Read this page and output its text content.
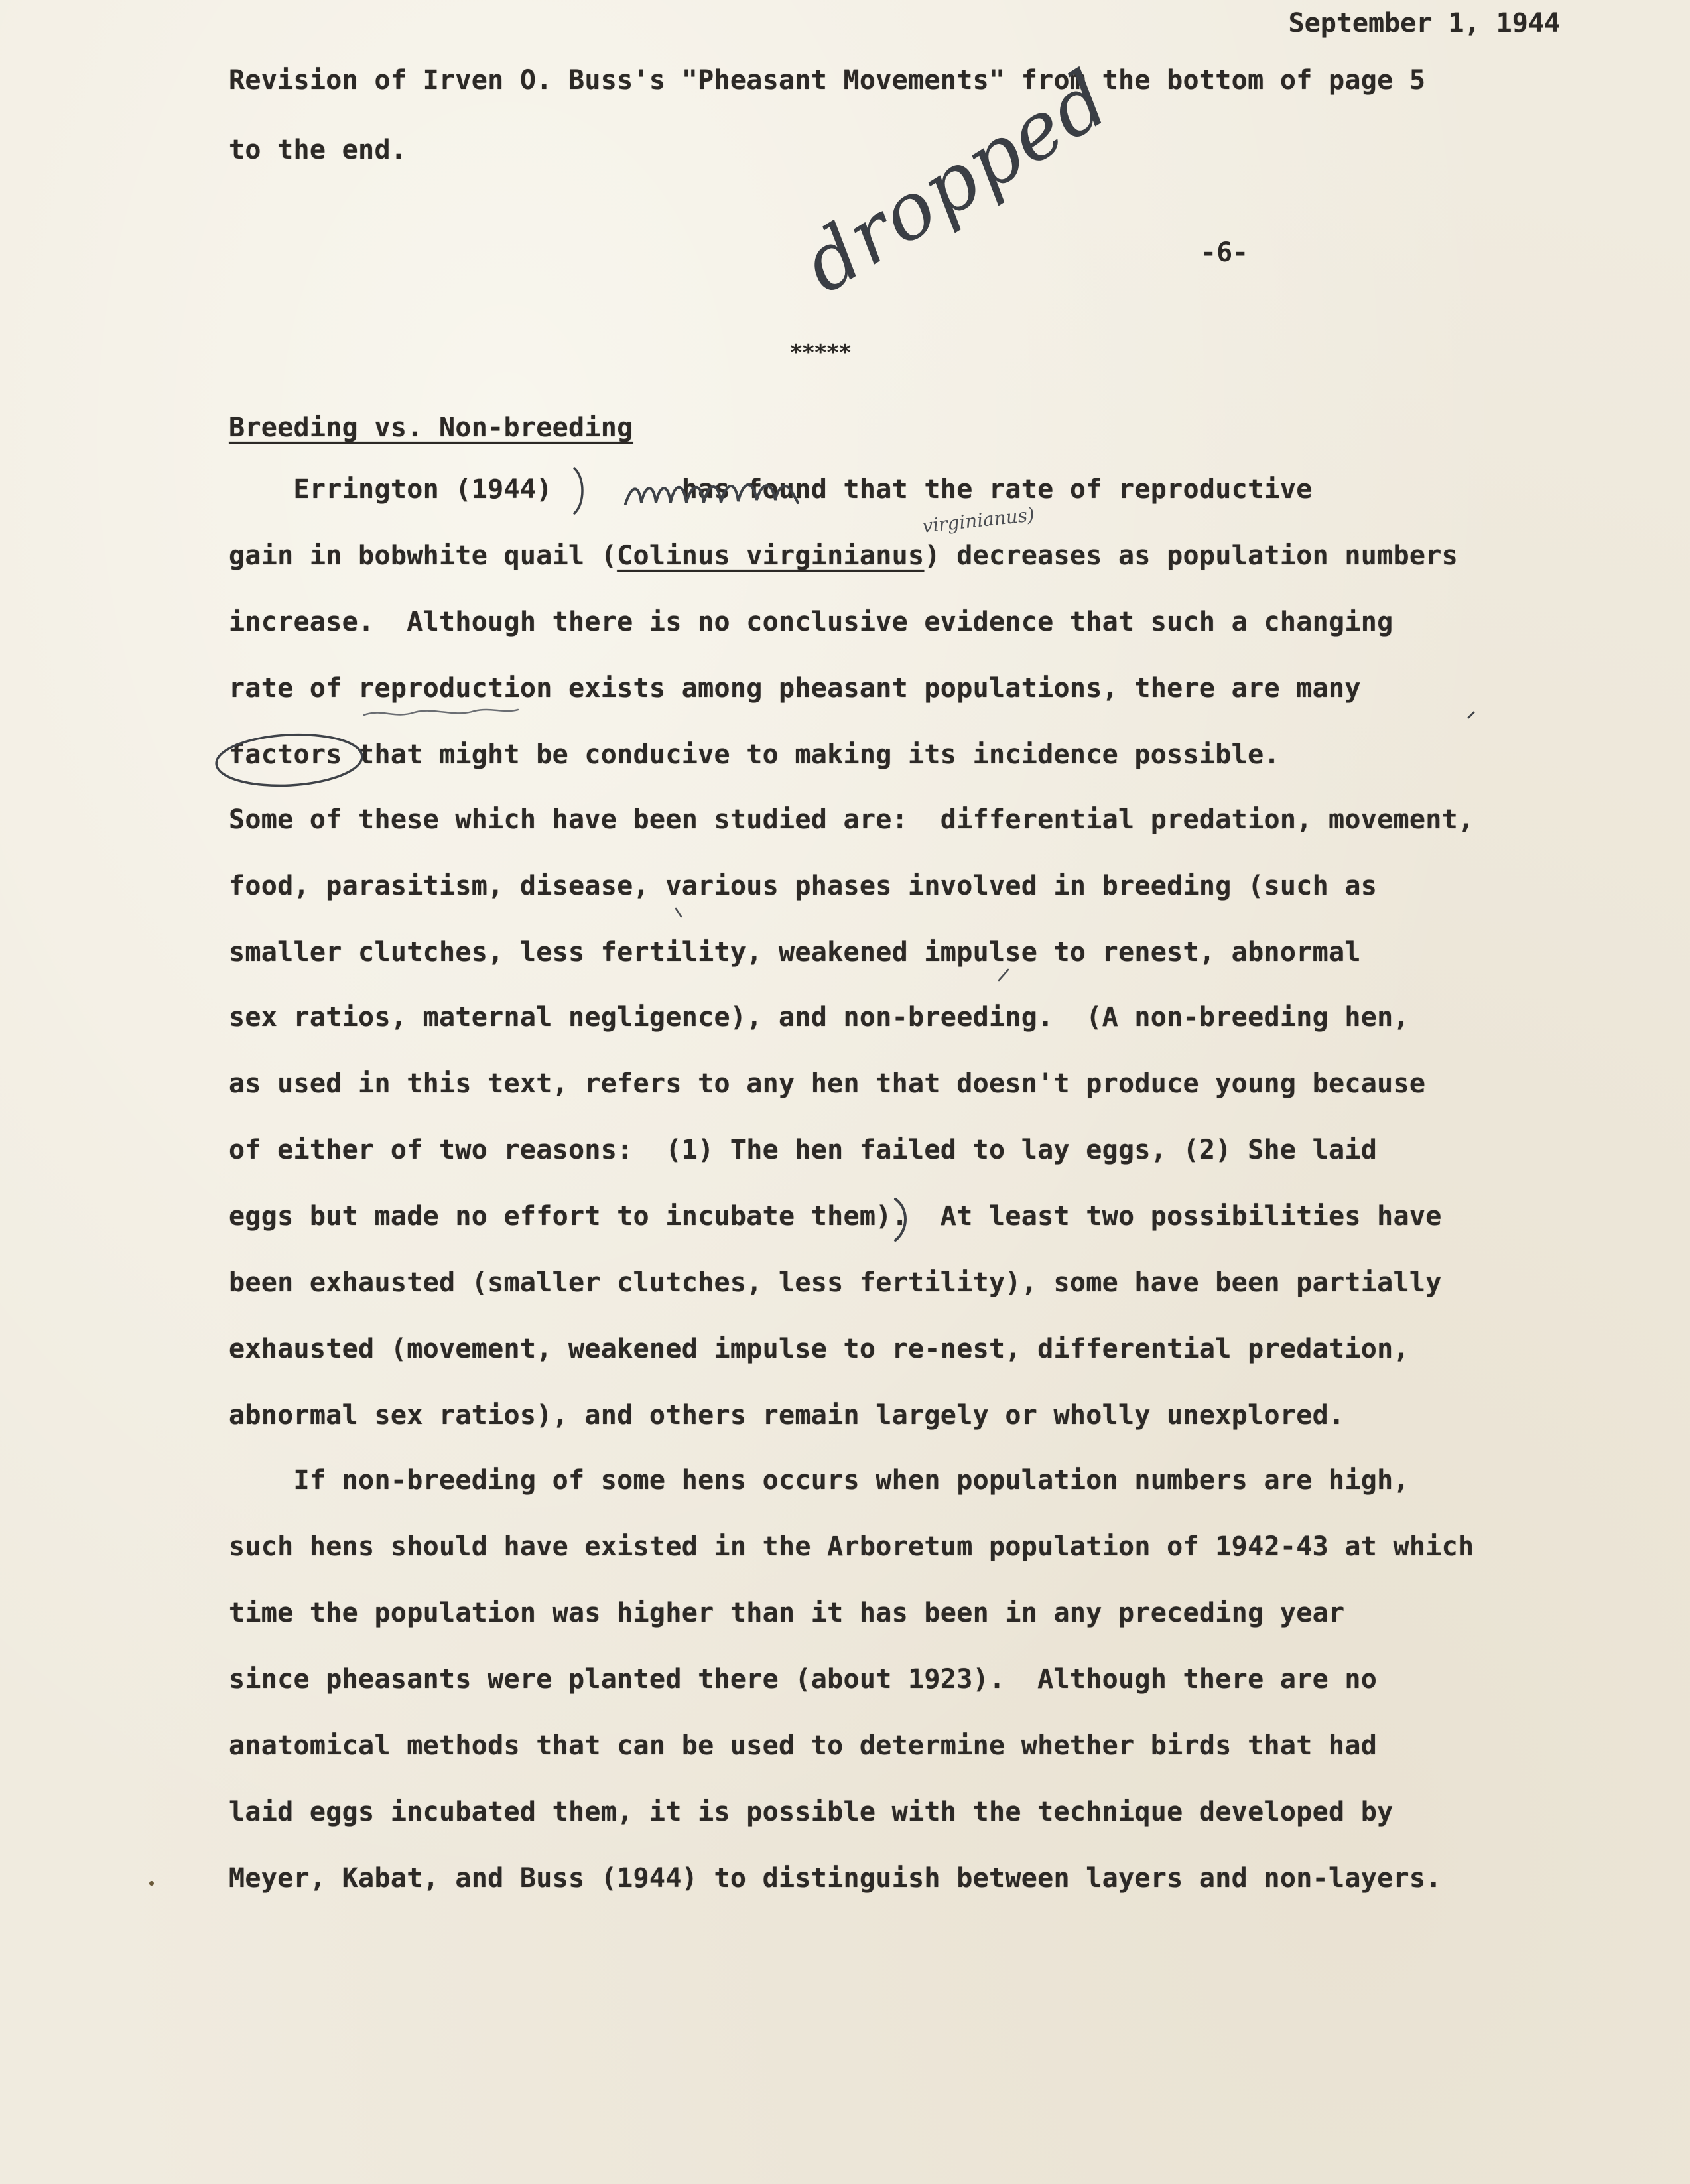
September 1, 1944
Revision of Irven O. Buss's "Pheasant Movements" from the bottom of page 5
to the end.	dropped	-6-
*****
Breeding vs. Non-breeding
Errington (1944)        has found that the rate of reproductive
virginianus)
gain in bobwhite quail (Colinus virginianus) decreases as population numbers
increase.  Although there is no conclusive evidence that such a changing
rate of reproduction exists among pheasant populations, there are many
factors that might be conducive to making its incidence possible.
Some of these which have been studied are:  differential predation, movement,
food, parasitism, disease, various phases involved in breeding (such as
smaller clutches, less fertility, weakened impulse to renest, abnormal
sex ratios, maternal negligence), and non-breeding.  (A non-breeding hen,
as used in this text, refers to any hen that doesn't produce young because
of either of two reasons:  (1) The hen failed to lay eggs, (2) She laid
eggs but made no effort to incubate them).  At least two possibilities have
been exhausted (smaller clutches, less fertility), some have been partially
exhausted (movement, weakened impulse to re-nest, differential predation,
abnormal sex ratios), and others remain largely or wholly unexplored.
If non-breeding of some hens occurs when population numbers are high,
such hens should have existed in the Arboretum population of 1942-43 at which
time the population was higher than it has been in any preceding year
since pheasants were planted there (about 1923).  Although there are no
anatomical methods that can be used to determine whether birds that had
laid eggs incubated them, it is possible with the technique developed by
Meyer, Kabat, and Buss (1944) to distinguish between layers and non-layers.
